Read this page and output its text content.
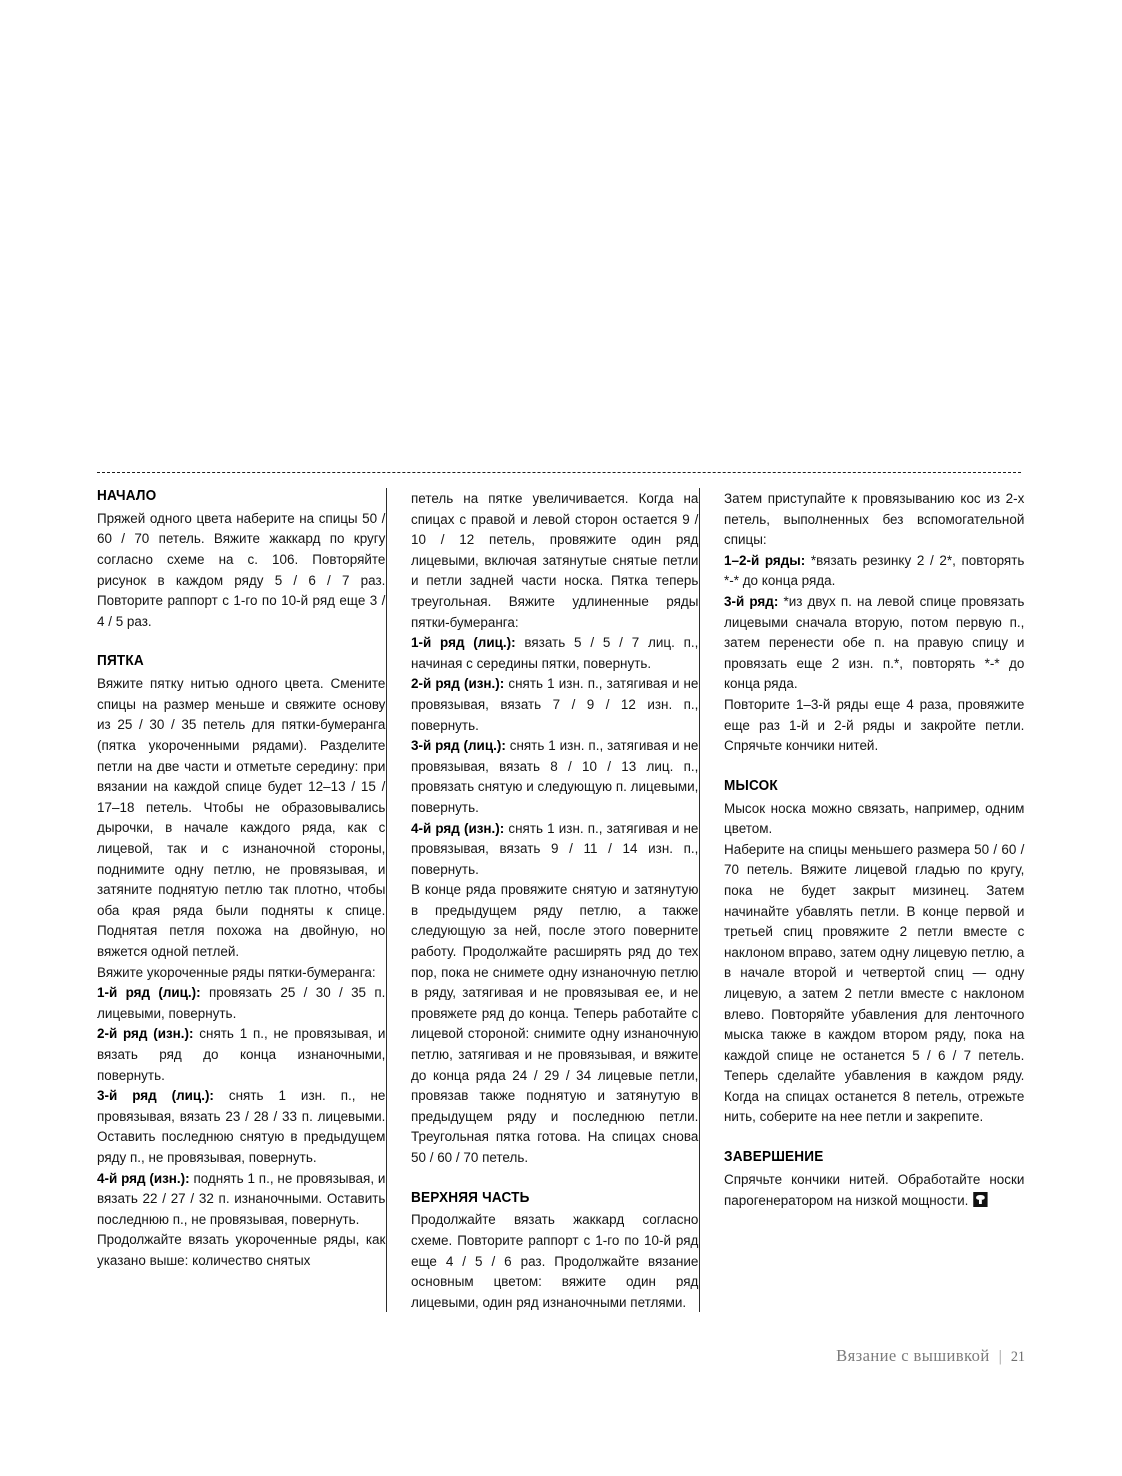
НАЧАЛО

Пряжей одного цвета наберите на спицы 50 / 60 / 70 петель. Вяжите жаккард по кругу согласно схеме на с. 106. Повторяйте рисунок в каждом ряду 5 / 6 / 7 раз. Повторите раппорт с 1-го по 10-й ряд еще 3 / 4 / 5 раз.

ПЯТКА

Вяжите пятку нитью одного цвета. Смените спицы на размер меньше и свяжите основу из 25 / 30 / 35 петель для пятки-бумеранга (пятка укороченными рядами). Разделите петли на две части и отметьте середину: при вязании на каждой спице будет 12–13 / 15 / 17–18 петель. Чтобы не образовывались дырочки, в начале каждого ряда, как с лицевой, так и с изнаночной стороны, поднимите одну петлю, не провязывая, и затяните поднятую петлю так плотно, чтобы оба края ряда были подняты к спице. Поднятая петля похожа на двойную, но вяжется одной петлей.

Вяжите укороченные ряды пятки-бумеранга:

1-й ряд (лиц.): провязать 25 / 30 / 35 п. лицевыми, повернуть.

2-й ряд (изн.): снять 1 п., не провязывая, и вязать ряд до конца изнаночными, повернуть.

3-й ряд (лиц.): снять 1 изн. п., не провязывая, вязать 23 / 28 / 33 п. лицевыми. Оставить последнюю снятую в предыдущем ряду п., не провязывая, повернуть.

4-й ряд (изн.): поднять 1 п., не провязывая, и вязать 22 / 27 / 32 п. изнаночными. Оставить последнюю п., не провязывая, повернуть.

Продолжайте вязать укороченные ряды, как указано выше: количество снятых

петель на пятке увеличивается. Когда на спицах с правой и левой сторон остается 9 / 10 / 12 петель, провяжите один ряд лицевыми, включая затянутые снятые петли и петли задней части носка. Пятка теперь треугольная. Вяжите удлиненные ряды пятки-бумеранга:

1-й ряд (лиц.): вязать 5 / 5 / 7 лиц. п., начиная с середины пятки, повернуть.

2-й ряд (изн.): снять 1 изн. п., затягивая и не провязывая, вязать 7 / 9 / 12 изн. п., повернуть.

3-й ряд (лиц.): снять 1 изн. п., затягивая и не провязывая, вязать 8 / 10 / 13 лиц. п., провязать снятую и следующую п. лицевыми, повернуть.

4-й ряд (изн.): снять 1 изн. п., затягивая и не провязывая, вязать 9 / 11 / 14 изн. п., повернуть.

В конце ряда провяжите снятую и затянутую в предыдущем ряду петлю, а также следующую за ней, после этого поверните работу. Продолжайте расширять ряд до тех пор, пока не снимете одну изнаночную петлю в ряду, затягивая и не провязывая ее, и не провяжете ряд до конца. Теперь работайте с лицевой стороной: снимите одну изнаночную петлю, затягивая и не провязывая, и вяжите до конца ряда 24 / 29 / 34 лицевые петли, провязав также поднятую и затянутую в предыдущем ряду и последнюю петли. Треугольная пятка готова. На спицах снова 50 / 60 / 70 петель.

ВЕРХНЯЯ ЧАСТЬ

Продолжайте вязать жаккард согласно схеме. Повторите раппорт с 1-го по 10-й ряд еще 4 / 5 / 6 раз. Продолжайте вязание основным цветом: вяжите один ряд лицевыми, один ряд изнаночными петлями.

Затем приступайте к провязыванию кос из 2-х петель, выполненных без вспомогательной спицы:

1–2-й ряды: *вязать резинку 2 / 2*, повторять *-* до конца ряда.

3-й ряд: *из двух п. на левой спице провязать лицевыми сначала вторую, потом первую п., затем перенести обе п. на правую спицу и провязать еще 2 изн. п.*, повторять *-* до конца ряда.

Повторите 1–3-й ряды еще 4 раза, провяжите еще раз 1-й и 2-й ряды и закройте петли. Спрячьте кончики нитей.

МЫСОК

Мысок носка можно связать, например, одним цветом.

Наберите на спицы меньшего размера 50 / 60 / 70 петель. Вяжите лицевой гладью по кругу, пока не будет закрыт мизинец. Затем начинайте убавлять петли. В конце первой и третьей спиц провяжите 2 петли вместе с наклоном вправо, затем одну лицевую петлю, а в начале второй и четвертой спиц — одну лицевую, а затем 2 петли вместе с наклоном влево. Повторяйте убавления для ленточного мыска также в каждом втором ряду, пока на каждой спице не останется 5 / 6 / 7 петель. Теперь сделайте убавления в каждом ряду. Когда на спицах останется 8 петель, отрежьте нить, соберите на нее петли и закрепите.

ЗАВЕРШЕНИЕ

Спрячьте кончики нитей. Обработайте носки парогенератором на низкой мощности.

Вязание с вышивкой | 21
